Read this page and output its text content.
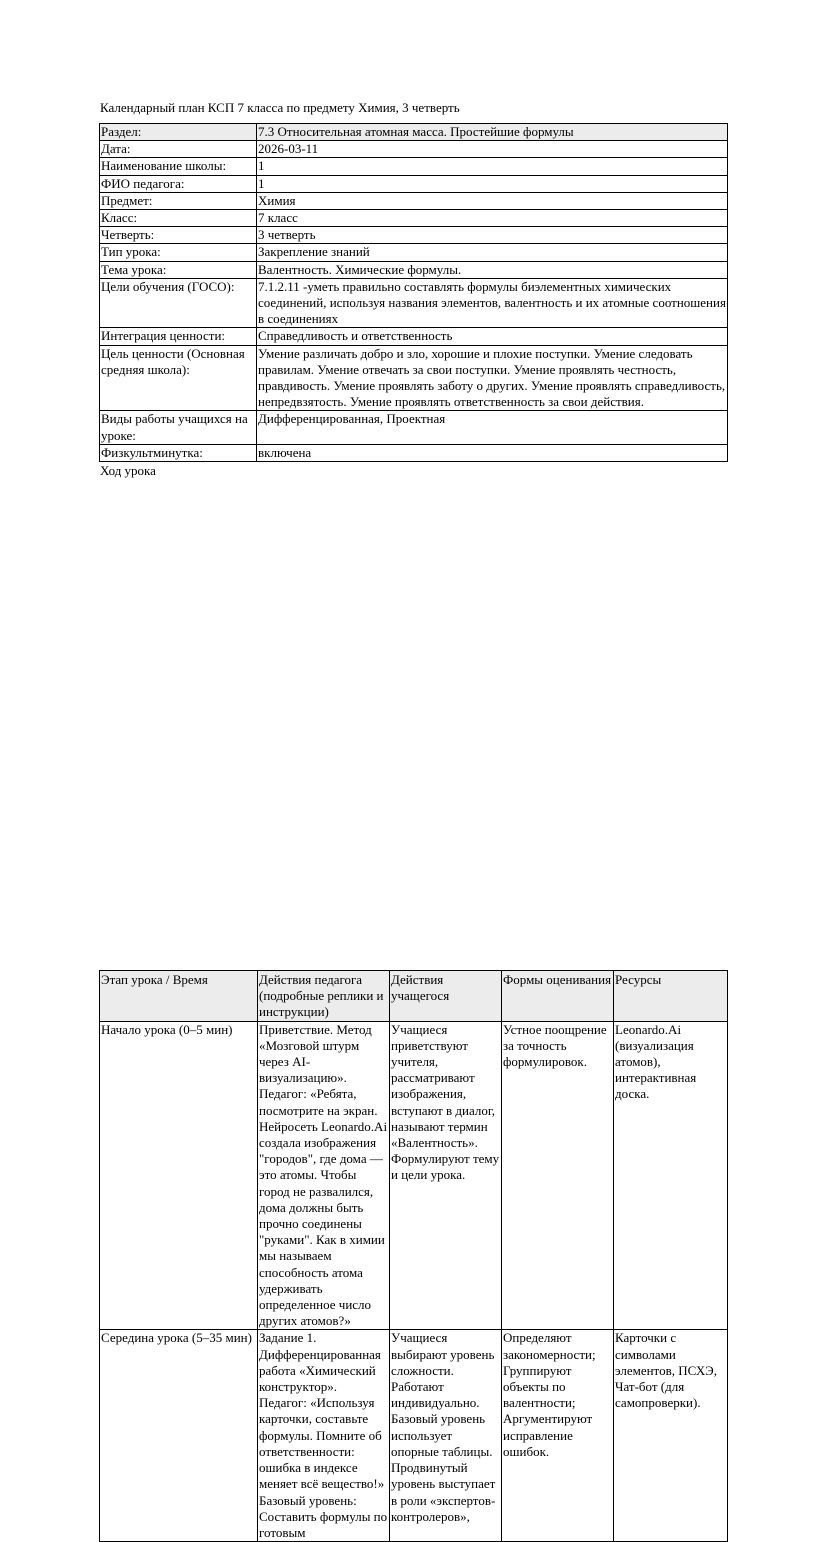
Календарный план КСП 7 класса по предмету Химия, 3 четверть
Раздел:	7.3 Относительная атомная масса. Простейшие формулы
Дата:	2026-03-11
Наименование школы:	1
ФИО педагога:	1
Предмет:	Химия
Класс:	7 класс
Четверть:	3 четверть
Тип урока:	Закрепление знаний
Тема урока:	Валентность. Химические формулы.
Цели обучения (ГОСО):	7.1.2.11 -уметь правильно составлять формулы биэлементных химических соединений, используя названия элементов, валентность и их атомные соотношения в соединениях
Интеграция ценности:	Справедливость и ответственность
Цель ценности (Основная средняя школа):	Умение различать добро и зло, хорошие и плохие поступки. Умение следовать правилам. Умение отвечать за свои поступки. Умение проявлять честность, правдивость. Умение проявлять заботу о других. Умение проявлять справедливость, непредвзятость. Умение проявлять ответственность за свои действия.
Виды работы учащихся на уроке:	Дифференцированная, Проектная
Физкультминутка:	включена
Ход урока
Этап урока / Время	Действия педагога (подробные реплики и инструкции)	Действия учащегося	Формы оценивания	Ресурсы
Начало урока (0–5 мин)	Приветствие. Метод «Мозговой штурм через AI-визуализацию». Педагог: «Ребята, посмотрите на экран. Нейросеть Leonardo.Ai создала изображения "городов", где дома — это атомы. Чтобы город не развалился, дома должны быть прочно соединены "руками". Как в химии мы называем способность атома удерживать определенное число других атомов?»	Учащиеся приветствуют учителя, рассматривают изображения, вступают в диалог, называют термин «Валентность». Формулируют тему и цели урока.	Устное поощрение за точность формулировок.	Leonardo.Ai (визуализация атомов), интерактивная доска.
Середина урока (5–35 мин)	Задание 1. Дифференцированная работа «Химический конструктор». Педагог: «Используя карточки, составьте формулы. Помните об ответственности: ошибка в индексе меняет всё вещество!» Базовый уровень: Составить формулы по готовым	Учащиеся выбирают уровень сложности. Работают индивидуально. Базовый уровень использует опорные таблицы. Продвинутый уровень выступает в роли «экспертов-контролеров»,	Определяют закономерности; Группируют объекты по валентности; Аргументируют исправление ошибок.	Карточки с символами элементов, ПСХЭ, Чат-бот (для самопроверки).
